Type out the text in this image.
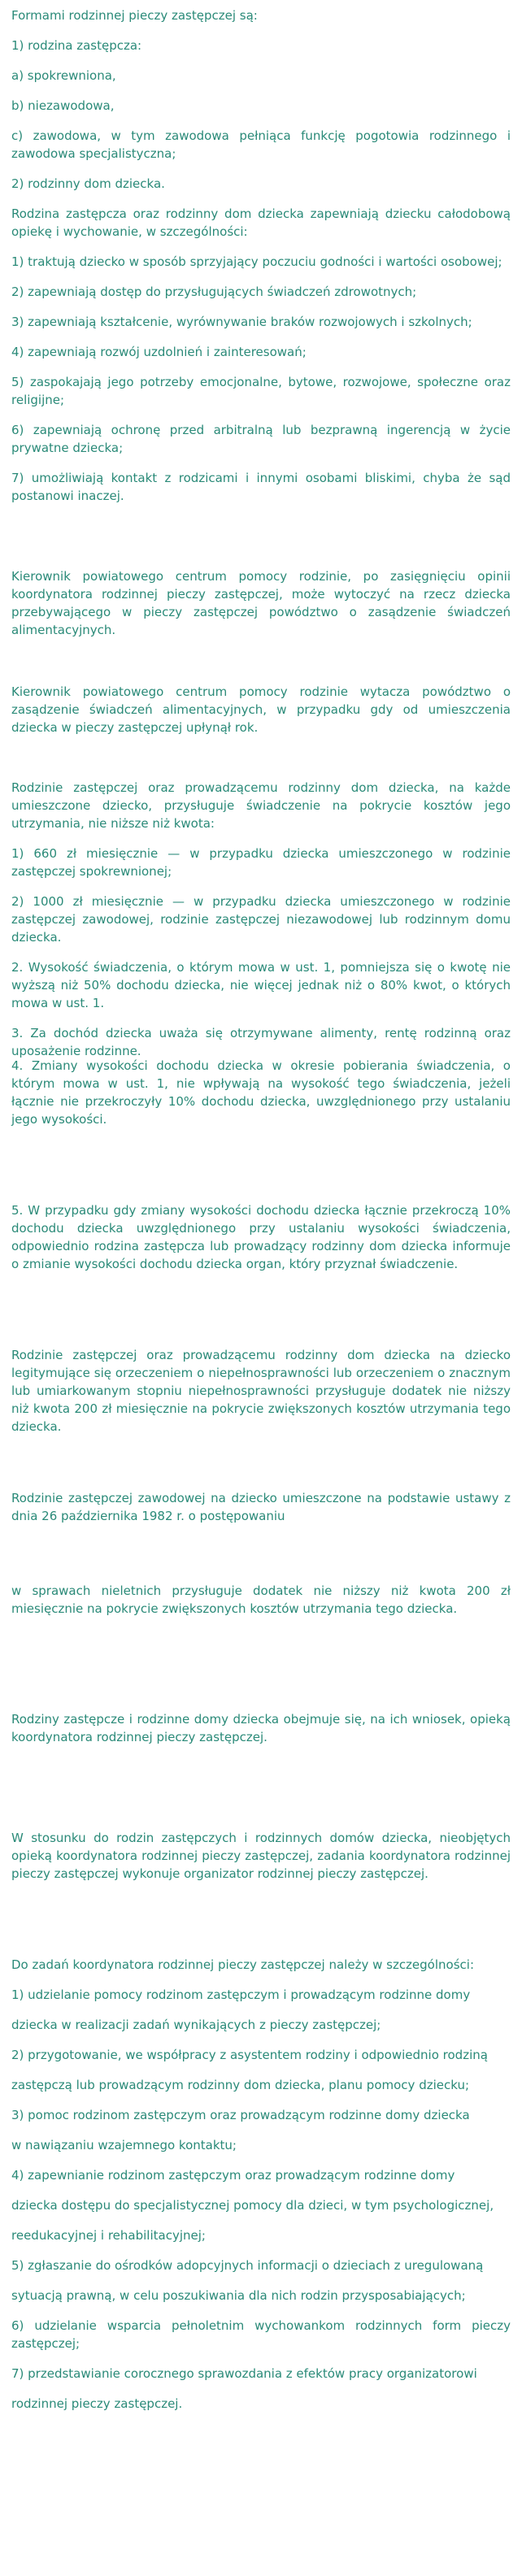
Formami rodzinnej pieczy zastępczej są:

1) rodzina zastępcza:

a) spokrewniona,

b) niezawodowa,

c) zawodowa, w tym zawodowa pełniąca funkcję pogotowia rodzinnego i zawodowa specjalistyczna;

2) rodzinny dom dziecka.

Rodzina zastępcza oraz rodzinny dom dziecka zapewniają dziecku całodobową opiekę i wychowanie, w szczególności:

1) traktują dziecko w sposób sprzyjający poczuciu godności i wartości osobowej;

2) zapewniają dostęp do przysługujących świadczeń zdrowotnych;

3) zapewniają kształcenie, wyrównywanie braków rozwojowych i szkolnych;

4) zapewniają rozwój uzdolnień i zainteresowań;

5) zaspokajają jego potrzeby emocjonalne, bytowe, rozwojowe, społeczne oraz religijne;

6) zapewniają ochronę przed arbitralną lub bezprawną ingerencją w życie prywatne dziecka;

7) umożliwiają kontakt z rodzicami i innymi osobami bliskimi, chyba że sąd postanowi inaczej.

Kierownik powiatowego centrum pomocy rodzinie, po zasięgnięciu opinii koordynatora rodzinnej pieczy zastępczej, może wytoczyć na rzecz dziecka przebywającego w pieczy zastępczej powództwo o zasądzenie świadczeń alimentacyjnych.

Kierownik powiatowego centrum pomocy rodzinie wytacza powództwo o zasądzenie świadczeń alimentacyjnych, w przypadku gdy od umieszczenia dziecka w pieczy zastępczej upłynął rok.

Rodzinie zastępczej oraz prowadzącemu rodzinny dom dziecka, na każde umieszczone dziecko, przysługuje świadczenie na pokrycie kosztów jego utrzymania, nie niższe niż kwota:

1) 660 zł miesięcznie — w przypadku dziecka umieszczonego w rodzinie zastępczej spokrewnionej;

2) 1000 zł miesięcznie — w przypadku dziecka umieszczonego w rodzinie zastępczej zawodowej, rodzinie zastępczej niezawodowej lub rodzinnym domu dziecka.

2. Wysokość świadczenia, o którym mowa w ust. 1, pomniejsza się o kwotę nie wyższą niż 50% dochodu dziecka, nie więcej jednak niż o 80% kwot, o których mowa w ust. 1.

3. Za dochód dziecka uważa się otrzymywane alimenty, rentę rodzinną oraz uposażenie rodzinne.

4. Zmiany wysokości dochodu dziecka w okresie pobierania świadczenia, o którym mowa w ust. 1, nie wpływają na wysokość tego świadczenia, jeżeli łącznie nie przekroczyły 10% dochodu dziecka, uwzględnionego przy ustalaniu jego wysokości.

5. W przypadku gdy zmiany wysokości dochodu dziecka łącznie przekroczą 10% dochodu dziecka uwzględnionego przy ustalaniu wysokości świadczenia, odpowiednio rodzina zastępcza lub prowadzący rodzinny dom dziecka informuje o zmianie wysokości dochodu dziecka organ, który przyznał świadczenie.

Rodzinie zastępczej oraz prowadzącemu rodzinny dom dziecka na dziecko legitymujące się orzeczeniem o niepełnosprawności lub orzeczeniem o znacznym lub umiarkowanym stopniu niepełnosprawności przysługuje dodatek nie niższy niż kwota 200 zł miesięcznie na pokrycie zwiększonych kosztów utrzymania tego dziecka.

Rodzinie zastępczej zawodowej na dziecko umieszczone na podstawie ustawy z dnia 26 października 1982 r. o postępowaniu

w sprawach nieletnich przysługuje dodatek nie niższy niż kwota 200 zł miesięcznie na pokrycie zwiększonych kosztów utrzymania tego dziecka.

Rodziny zastępcze i rodzinne domy dziecka obejmuje się, na ich wniosek, opieką koordynatora rodzinnej pieczy zastępczej.

W stosunku do rodzin zastępczych i rodzinnych domów dziecka, nieobjętych opieką koordynatora rodzinnej pieczy zastępczej, zadania koordynatora rodzinnej pieczy zastępczej wykonuje organizator rodzinnej pieczy zastępczej.

Do zadań koordynatora rodzinnej pieczy zastępczej należy w szczególności:

1) udzielanie pomocy rodzinom zastępczym i prowadzącym rodzinne domy

dziecka w realizacji zadań wynikających z pieczy zastępczej;

2) przygotowanie, we współpracy z asystentem rodziny i odpowiednio rodziną

zastępczą lub prowadzącym rodzinny dom dziecka, planu pomocy dziecku;

3) pomoc rodzinom zastępczym oraz prowadzącym rodzinne domy dziecka

w nawiązaniu wzajemnego kontaktu;

4) zapewnianie rodzinom zastępczym oraz prowadzącym rodzinne domy

dziecka dostępu do specjalistycznej pomocy dla dzieci, w tym psychologicznej,

reedukacyjnej i rehabilitacyjnej;

5) zgłaszanie do ośrodków adopcyjnych informacji o dzieciach z uregulowaną

sytuacją prawną, w celu poszukiwania dla nich rodzin przysposabiających;

6) udzielanie wsparcia pełnoletnim wychowankom rodzinnych form pieczy zastępczej;

7) przedstawianie corocznego sprawozdania z efektów pracy organizatorowi

rodzinnej pieczy zastępczej.
